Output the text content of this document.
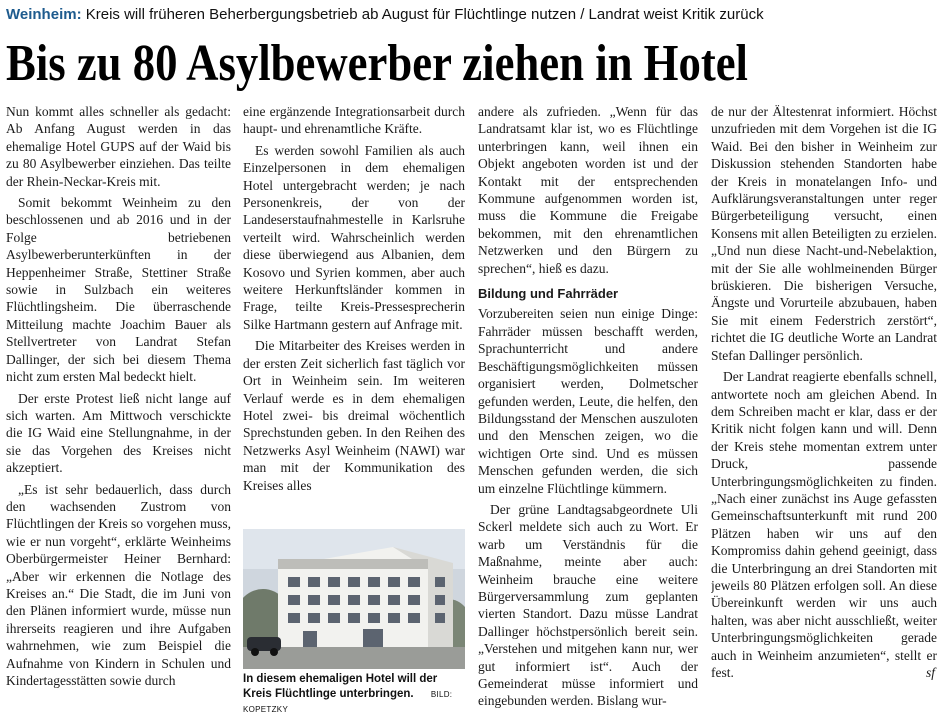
Weinheim: Kreis will früheren Beherbergungsbetrieb ab August für Flüchtlinge nutzen / Landrat weist Kritik zurück
Bis zu 80 Asylbewerber ziehen in Hotel

Nun kommt alles schneller als gedacht: Ab Anfang August werden in das ehemalige Hotel GUPS auf der Waid bis zu 80 Asylbewerber einziehen. Das teilte der Rhein-Neckar-Kreis mit.

Somit bekommt Weinheim zu den beschlossenen und ab 2016 und in der Folge betriebenen Asylbewerberunterkünften in der Heppenheimer Straße, Stettiner Straße sowie in Sulzbach ein weiteres Flüchtlingsheim. Die überraschende Mitteilung machte Joachim Bauer als Stellvertreter von Landrat Stefan Dallinger, der sich bei diesem Thema nicht zum ersten Mal bedeckt hielt.

Der erste Protest ließ nicht lange auf sich warten. Am Mittwoch verschickte die IG Waid eine Stellungnahme, in der sie das Vorgehen des Kreises nicht akzeptiert.

„Es ist sehr bedauerlich, dass durch den wachsenden Zustrom von Flüchtlingen der Kreis so vorgehen muss, wie er nun vorgeht“, erklärte Weinheims Oberbürgermeister Heiner Bernhard: „Aber wir erkennen die Notlage des Kreises an.“ Die Stadt, die im Juni von den Plänen informiert wurde, müsse nun ihrerseits reagieren und ihre Aufgaben wahrnehmen, wie zum Beispiel die Aufnahme von Kindern in Schulen und Kindertagesstätten sowie durch

eine ergänzende Integrationsarbeit durch haupt- und ehrenamtliche Kräfte.

Es werden sowohl Familien als auch Einzelpersonen in dem ehemaligen Hotel untergebracht werden; je nach Personenkreis, der von der Landeserstaufnahmestelle in Karlsruhe verteilt wird. Wahrscheinlich werden diese überwiegend aus Albanien, dem Kosovo und Syrien kommen, aber auch weitere Herkunftsländer kommen in Frage, teilte Kreis-Pressesprecherin Silke Hartmann gestern auf Anfrage mit.

Die Mitarbeiter des Kreises werden in der ersten Zeit sicherlich fast täglich vor Ort in Weinheim sein. Im weiteren Verlauf werde es in dem ehemaligen Hotel zwei- bis dreimal wöchentlich Sprechstunden geben. In den Reihen des Netzwerks Asyl Weinheim (NAWI) war man mit der Kommunikation des Kreises alles

In diesem ehemaligen Hotel will der Kreis Flüchtlinge unterbringen. BILD: KOPETZKY

andere als zufrieden. „Wenn für das Landratsamt klar ist, wo es Flüchtlinge unterbringen kann, weil ihnen ein Objekt angeboten worden ist und der Kontakt mit der entsprechenden Kommune aufgenommen worden ist, muss die Kommune die Freigabe bekommen, mit den ehrenamtlichen Netzwerken und den Bürgern zu sprechen“, hieß es dazu.

Bildung und Fahrräder

Vorzubereiten seien nun einige Dinge: Fahrräder müssen beschafft werden, Sprachunterricht und andere Beschäftigungsmöglichkeiten müssen organisiert werden, Dolmetscher gefunden werden, Leute, die helfen, den Bildungsstand der Menschen auszuloten und den Menschen zeigen, wo die wichtigen Orte sind. Und es müssen Menschen gefunden werden, die sich um einzelne Flüchtlinge kümmern.

Der grüne Landtagsabgeordnete Uli Sckerl meldete sich auch zu Wort. Er warb um Verständnis für die Maßnahme, meinte aber auch: Weinheim brauche eine weitere Bürgerversammlung zum geplanten vierten Standort. Dazu müsse Landrat Dallinger höchstpersönlich bereit sein. „Verstehen und mitgehen kann nur, wer gut informiert ist“. Auch der Gemeinderat müsse informiert und eingebunden werden. Bislang wur-

de nur der Ältestenrat informiert. Höchst unzufrieden mit dem Vorgehen ist die IG Waid. Bei den bisher in Weinheim zur Diskussion stehenden Standorten habe der Kreis in monatelangen Info- und Aufklärungsveranstaltungen unter reger Bürgerbeteiligung versucht, einen Konsens mit allen Beteiligten zu erzielen. „Und nun diese Nacht-und-Nebelaktion, mit der Sie alle wohlmeinenden Bürger brüskieren. Die bisherigen Versuche, Ängste und Vorurteile abzubauen, haben Sie mit einem Federstrich zerstört“, richtet die IG deutliche Worte an Landrat Stefan Dallinger persönlich.

Der Landrat reagierte ebenfalls schnell, antwortete noch am gleichen Abend. In dem Schreiben macht er klar, dass er der Kritik nicht folgen kann und will. Denn der Kreis stehe momentan extrem unter Druck, passende Unterbringungsmöglichkeiten zu finden. „Nach einer zunächst ins Auge gefassten Gemeinschaftsunterkunft mit rund 200 Plätzen haben wir uns auf den Kompromiss dahin gehend geeinigt, dass die Unterbringung an drei Standorten mit jeweils 80 Plätzen erfolgen soll. An diese Übereinkunft werden wir uns auch halten, was aber nicht ausschließt, weiter Unterbringungsmöglichkeiten gerade auch in Weinheim anzumieten“, stellt er fest.	sf
